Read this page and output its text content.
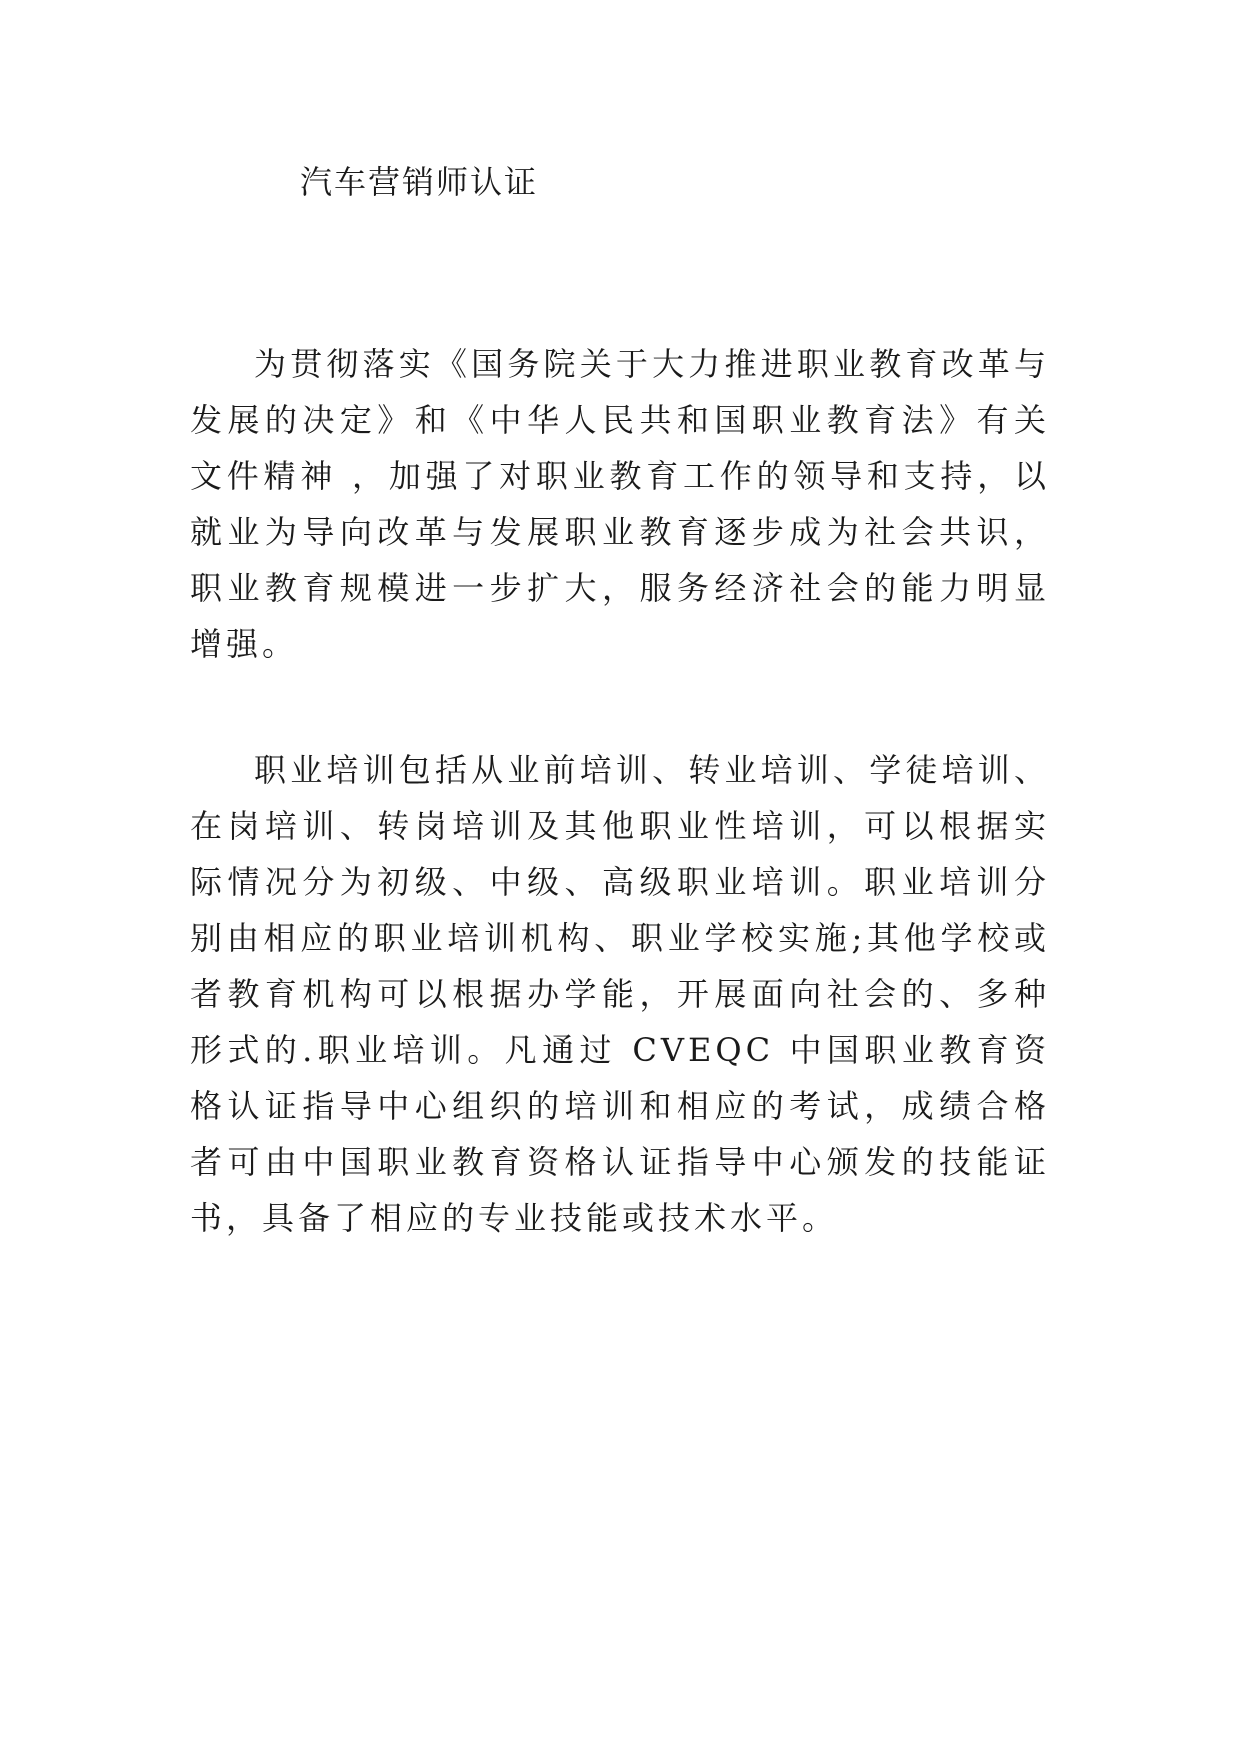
汽车营销师认证

为贯彻落实《国务院关于大力推进职业教育改革与发展的决定》和《中华人民共和国职业教育法》有关文件精神 ，加强了对职业教育工作的领导和支持，以就业为导向改革与发展职业教育逐步成为社会共识，职业教育规模进一步扩大，服务经济社会的能力明显增强。

职业培训包括从业前培训、转业培训、学徒培训、在岗培训、转岗培训及其他职业性培训，可以根据实际情况分为初级、中级、高级职业培训。职业培训分别由相应的职业培训机构、职业学校实施;其他学校或者教育机构可以根据办学能，开展面向社会的、多种形式的.职业培训。凡通过 CVEQC 中国职业教育资格认证指导中心组织的培训和相应的考试，成绩合格者可由中国职业教育资格认证指导中心颁发的技能证书，具备了相应的专业技能或技术水平。
